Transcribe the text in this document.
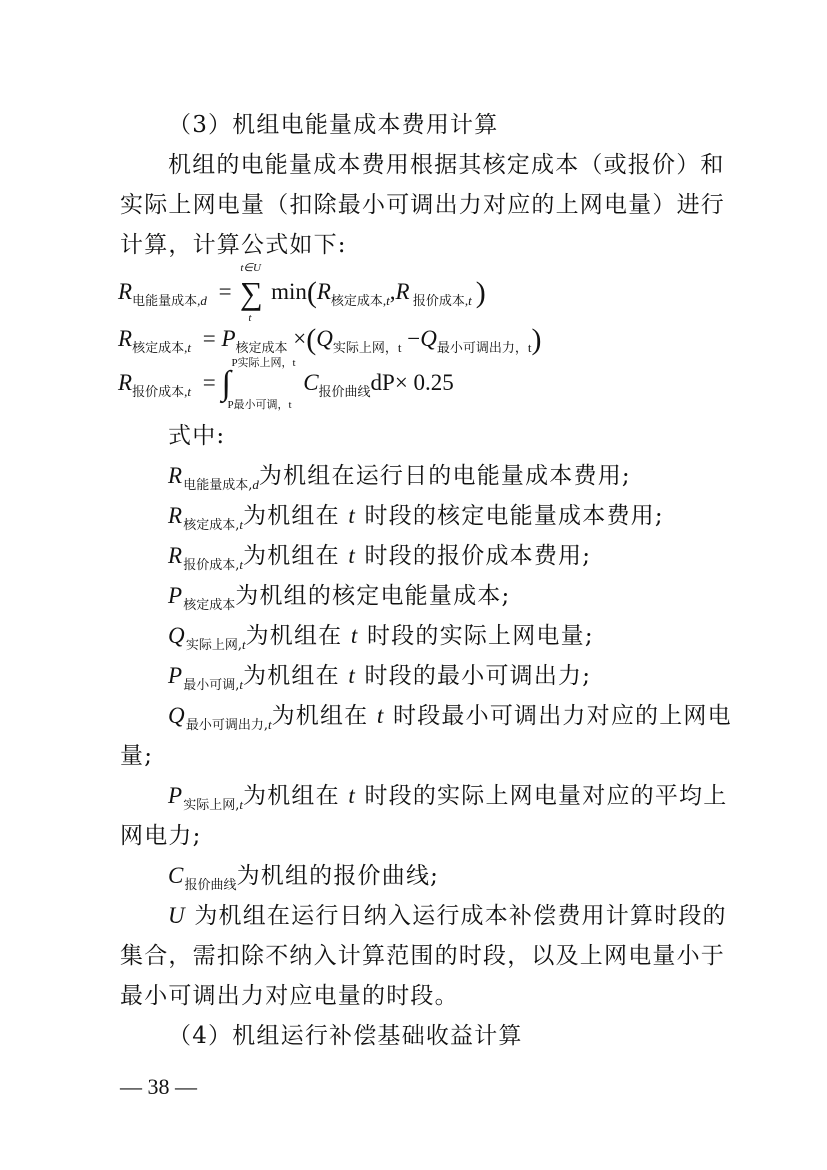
（3）机组电能量成本费用计算
机组的电能量成本费用根据其核定成本（或报价）和
实际上网电量（扣除最小可调出力对应的上网电量）进行
计算，计算公式如下:
$R_{电能量成本,d}$ =
t∈U
∑
t
$\min(R_{核定成本,t},R$ $_{报价成本,t}$ )
$R_{核定成本,t} = P_{核定成本} \times(Q_{实际上网,t} -Q_{最小可调出力,t})$
$R_{报价成本,t}$ =
P实际上网，t
∫
P最小可调，t
$C_{报价曲线}dP\times 0.25$
式中:
$R_{电能量成本,d}$为机组在运行日的电能量成本费用;
$R_{核定成本,t}$为机组在 t 时段的核定电能量成本费用;
$R_{报价成本,t}$为机组在 t 时段的报价成本费用;
$P_{核定成本}$为机组的核定电能量成本;
$Q_{实际上网,t}$为机组在 t 时段的实际上网电量;
$P_{最小可调,t}$为机组在 t 时段的最小可调出力;
$Q_{最小可调出力,t}$为机组在 t 时段最小可调出力对应的上网电
量;
$P_{实际上网,t}$为机组在 t 时段的实际上网电量对应的平均上
网电力;
$C_{报价曲线}$为机组的报价曲线;
U 为机组在运行日纳入运行成本补偿费用计算时段的
集合，需扣除不纳入计算范围的时段，以及上网电量小于
最小可调出力对应电量的时段。
（4）机组运行补偿基础收益计算
— 38 —
